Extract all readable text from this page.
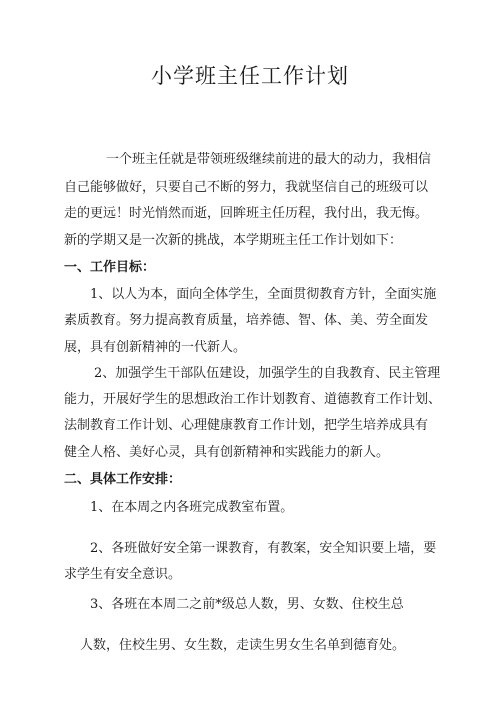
小学班主任工作计划
一个班主任就是带领班级继续前进的最大的动力，我相信
自己能够做好，只要自己不断的努力，我就坚信自己的班级可以
走的更远！时光悄然而逝，回眸班主任历程，我付出，我无悔。
新的学期又是一次新的挑战，本学期班主任工作计划如下：
一、工作目标：
1、以人为本，面向全体学生，全面贯彻教育方针，全面实施
素质教育。努力提高教育质量，培养德、智、体、美、劳全面发
展，具有创新精神的一代新人。
2、加强学生干部队伍建设，加强学生的自我教育、民主管理
能力，开展好学生的思想政治工作计划教育、道德教育工作计划、
法制教育工作计划、心理健康教育工作计划，把学生培养成具有
健全人格、美好心灵，具有创新精神和实践能力的新人。
二、具体工作安排：
1、在本周之内各班完成教室布置。
2、各班做好安全第一课教育，有教案，安全知识要上墙，要
求学生有安全意识。
3、各班在本周二之前*级总人数，男、女数、住校生总
人数，住校生男、女生数，走读生男女生名单到德育处。
